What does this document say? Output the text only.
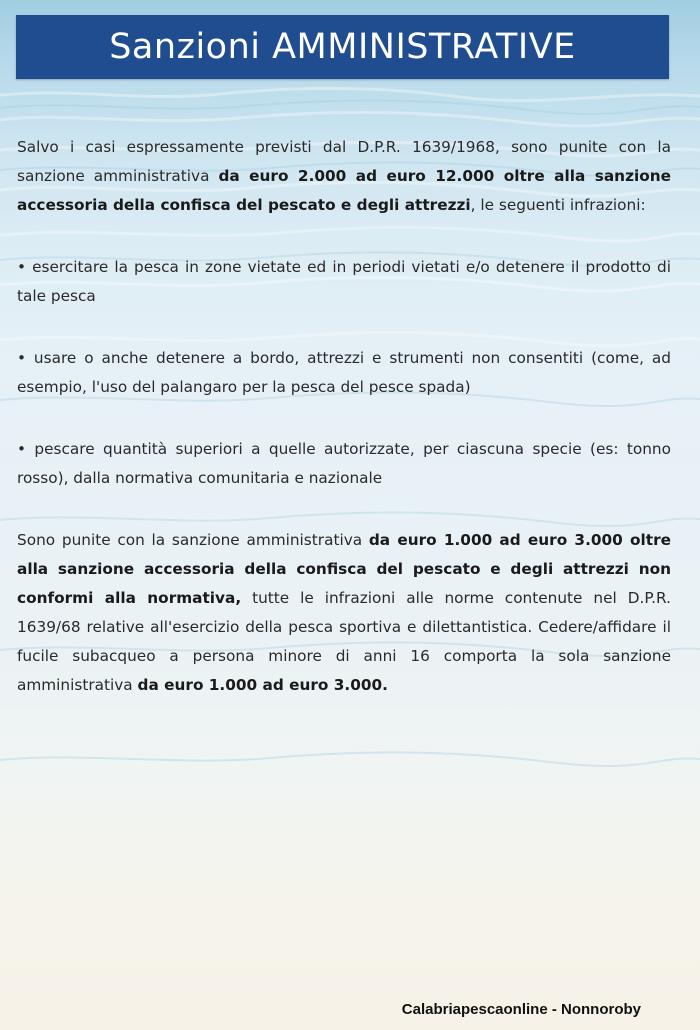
Sanzioni AMMINISTRATIVE

Salvo i casi espressamente previsti dal D.P.R. 1639/1968, sono punite con la sanzione amministrativa da euro 2.000 ad euro 12.000 oltre alla sanzione accessoria della confisca del pescato e degli attrezzi, le seguenti infrazioni:

• esercitare la pesca in zone vietate ed in periodi vietati e/o detenere il prodotto di tale pesca

• usare o anche detenere a bordo, attrezzi e strumenti non consentiti (come, ad esempio, l'uso del palangaro per la pesca del pesce spada)

• pescare quantità superiori a quelle autorizzate, per ciascuna specie (es: tonno rosso), dalla normativa comunitaria e nazionale

Sono punite con la sanzione amministrativa da euro 1.000 ad euro 3.000 oltre alla sanzione accessoria della confisca del pescato e degli attrezzi non conformi alla normativa, tutte le infrazioni alle norme contenute nel D.P.R. 1639/68 relative all'esercizio della pesca sportiva e dilettantistica. Cedere/affidare il fucile subacqueo a persona minore di anni 16 comporta la sola sanzione amministrativa da euro 1.000 ad euro 3.000.

Calabriapescaonline - Nonnoroby
